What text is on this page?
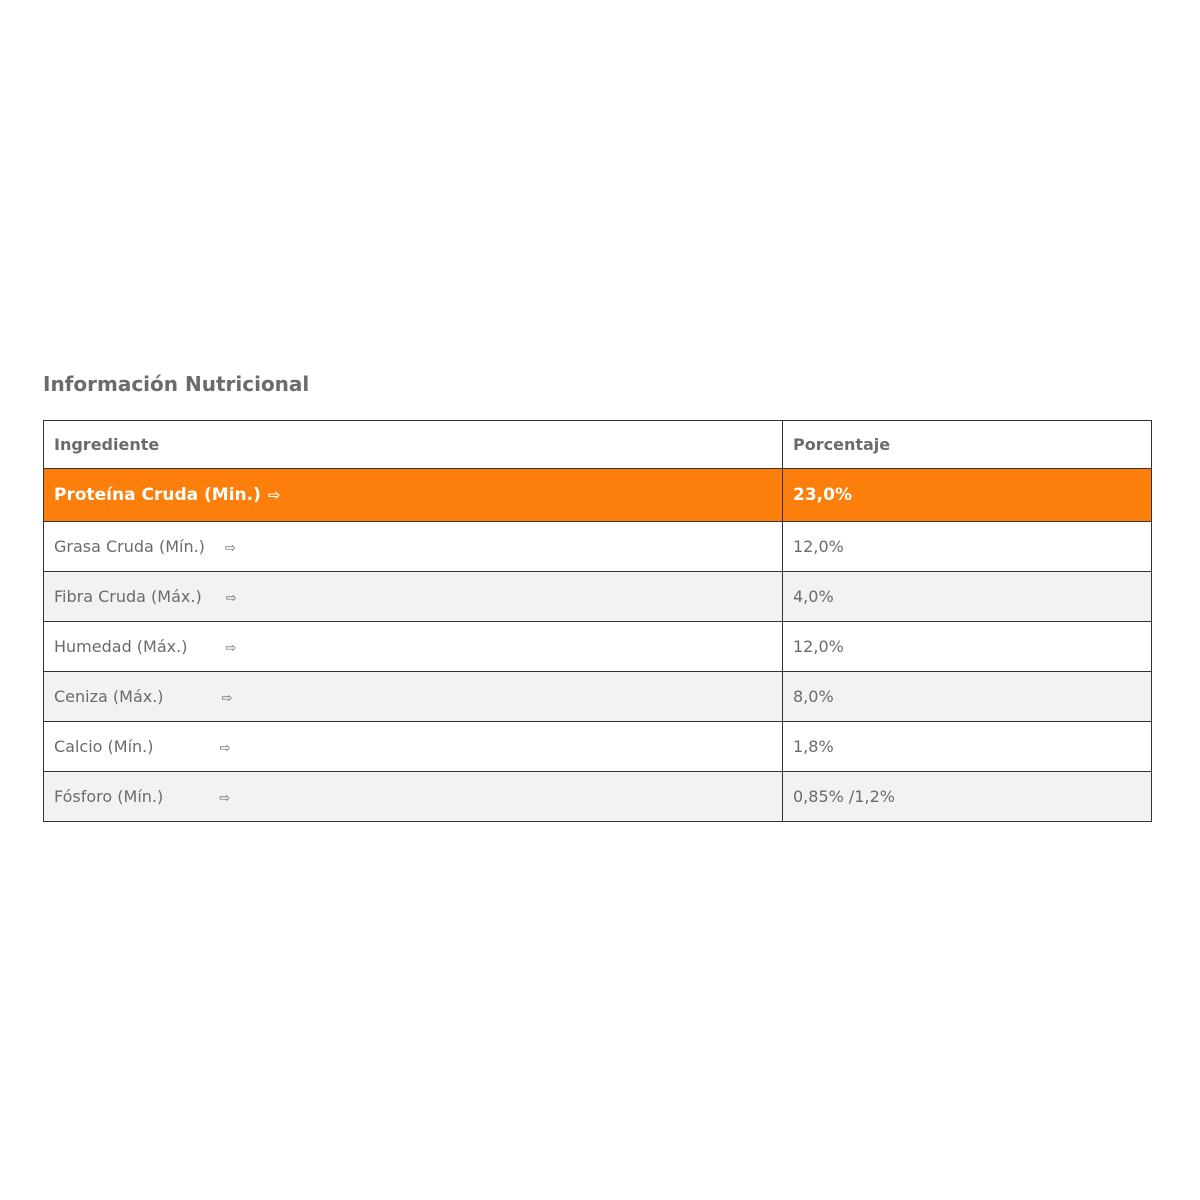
Información Nutricional
Ingrediente	Porcentaje
Proteína Cruda (Min.) ⇨	23,0%
Grasa Cruda (Mín.) ⇨	12,0%
Fibra Cruda (Máx.) ⇨	4,0%
Humedad (Máx.) ⇨	12,0%
Ceniza (Máx.) ⇨	8,0%
Calcio (Mín.) ⇨	1,8%
Fósforo (Mín.) ⇨	0,85% /1,2%
